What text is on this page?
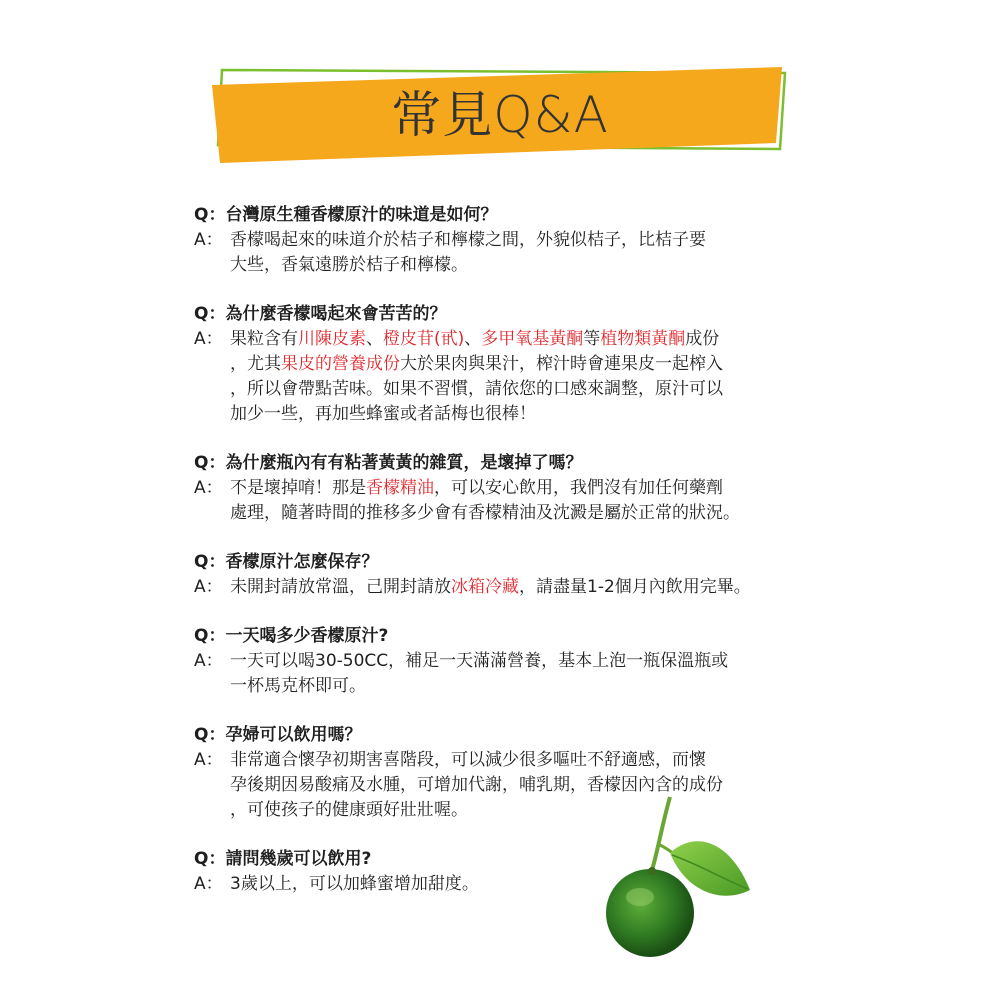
常見Q&A
Q：台灣原生種香檬原汁的味道是如何？
A： 香檬喝起來的味道介於桔子和檸檬之間，外貌似桔子，比桔子要
大些，香氣遠勝於桔子和檸檬。
Q：為什麼香檬喝起來會苦苦的？
A： 果粒含有川陳皮素、橙皮苷(甙)、多甲氧基黃酮等植物類黃酮成份
，尤其果皮的營養成份大於果肉與果汁，榨汁時會連果皮一起榨入
，所以會帶點苦味。如果不習慣，請依您的口感來調整，原汁可以
加少一些，再加些蜂蜜或者話梅也很棒！
Q：為什麼瓶內有有粘著黃黃的雜質，是壞掉了嗎？
A： 不是壞掉唷！那是香檬精油，可以安心飲用，我們沒有加任何藥劑
處理，隨著時間的推移多少會有香檬精油及沈澱是屬於正常的狀況。
Q：香檬原汁怎麼保存？
A： 未開封請放常溫，己開封請放冰箱冷藏，請盡量1-2個月內飲用完畢。
Q：一天喝多少香檬原汁?
A： 一天可以喝30-50CC，補足一天滿滿營養，基本上泡一瓶保溫瓶或
一杯馬克杯即可。
Q：孕婦可以飲用嗎？
A： 非常適合懷孕初期害喜階段，可以減少很多嘔吐不舒適感，而懷
孕後期因易酸痛及水腫，可增加代謝，哺乳期，香檬因內含的成份
，可使孩子的健康頭好壯壯喔。
Q：請問幾歲可以飲用?
A： 3歲以上，可以加蜂蜜增加甜度。
